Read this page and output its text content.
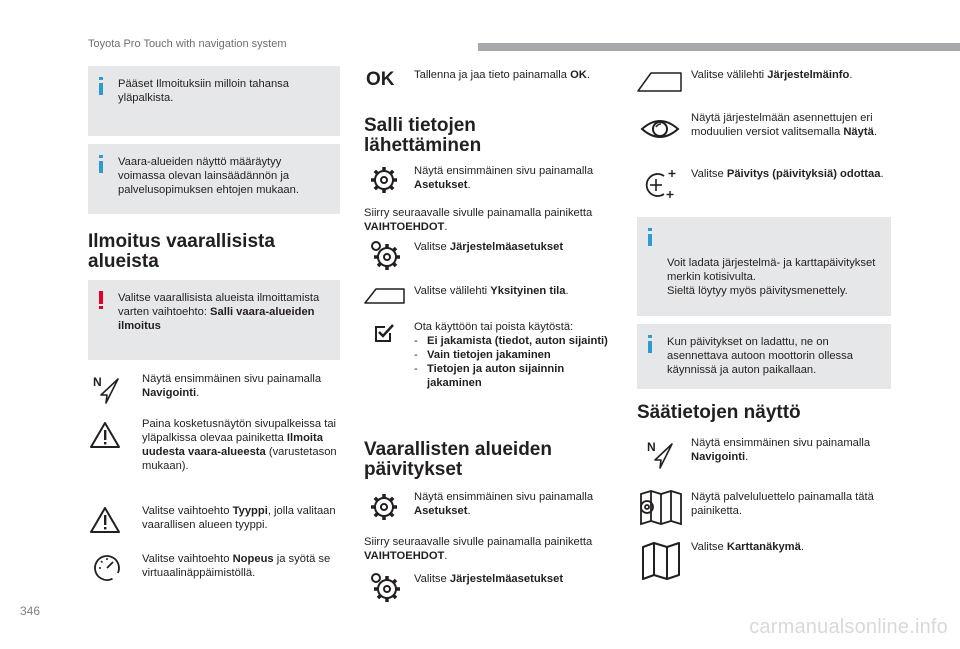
Toyota Pro Touch with navigation system
346
carmanualsonline.info
Pääset Ilmoituksiin milloin tahansa yläpalkista.
Vaara-alueiden näyttö määräytyy voimassa olevan lainsäädännön ja palvelusopimuksen ehtojen mukaan.
Ilmoitus vaarallisista alueista
Valitse vaarallisista alueista ilmoittamista varten vaihtoehto: Salli vaara-alueiden ilmoitus
N	Näytä ensimmäinen sivu painamalla Navigointi.
Paina kosketusnäytön sivupalkeissa tai yläpalkissa olevaa painiketta Ilmoita uudesta vaara-alueesta (varustetason mukaan).
Valitse vaihtoehto Tyyppi, jolla valitaan vaarallisen alueen tyyppi.
Valitse vaihtoehto Nopeus ja syötä se virtuaalinäppäimistöllä.
OK Tallenna ja jaa tieto painamalla OK.
Salli tietojen lähettäminen
Näytä ensimmäinen sivu painamalla Asetukset.
Siirry seuraavalle sivulle painamalla painiketta VAIHTOEHDOT.
Valitse Järjestelmäasetukset
Valitse välilehti Yksityinen tila.
Ota käyttöön tai poista käytöstä:
- Ei jakamista (tiedot, auton sijainti)
- Vain tietojen jakaminen
- Tietojen ja auton sijainnin jakaminen
Vaarallisten alueiden päivitykset
Näytä ensimmäinen sivu painamalla Asetukset.
Siirry seuraavalle sivulle painamalla painiketta VAIHTOEHDOT.
Valitse Järjestelmäasetukset
Valitse välilehti Järjestelmäinfo.
Näytä järjestelmään asennettujen eri moduulien versiot valitsemalla Näytä.
Valitse Päivitys (päivityksiä) odottaa.

Voit ladata järjestelmä- ja karttapäivitykset merkin kotisivulta.
Sieltä löytyy myös päivitysmenettely.

Kun päivitykset on ladattu, ne on asennettava autoon moottorin ollessa käynnissä ja auton paikallaan.
Säätietojen näyttö
N	Näytä ensimmäinen sivu painamalla Navigointi.
Näytä palveluluettelo painamalla tätä painiketta.
Valitse Karttanäkymä.
